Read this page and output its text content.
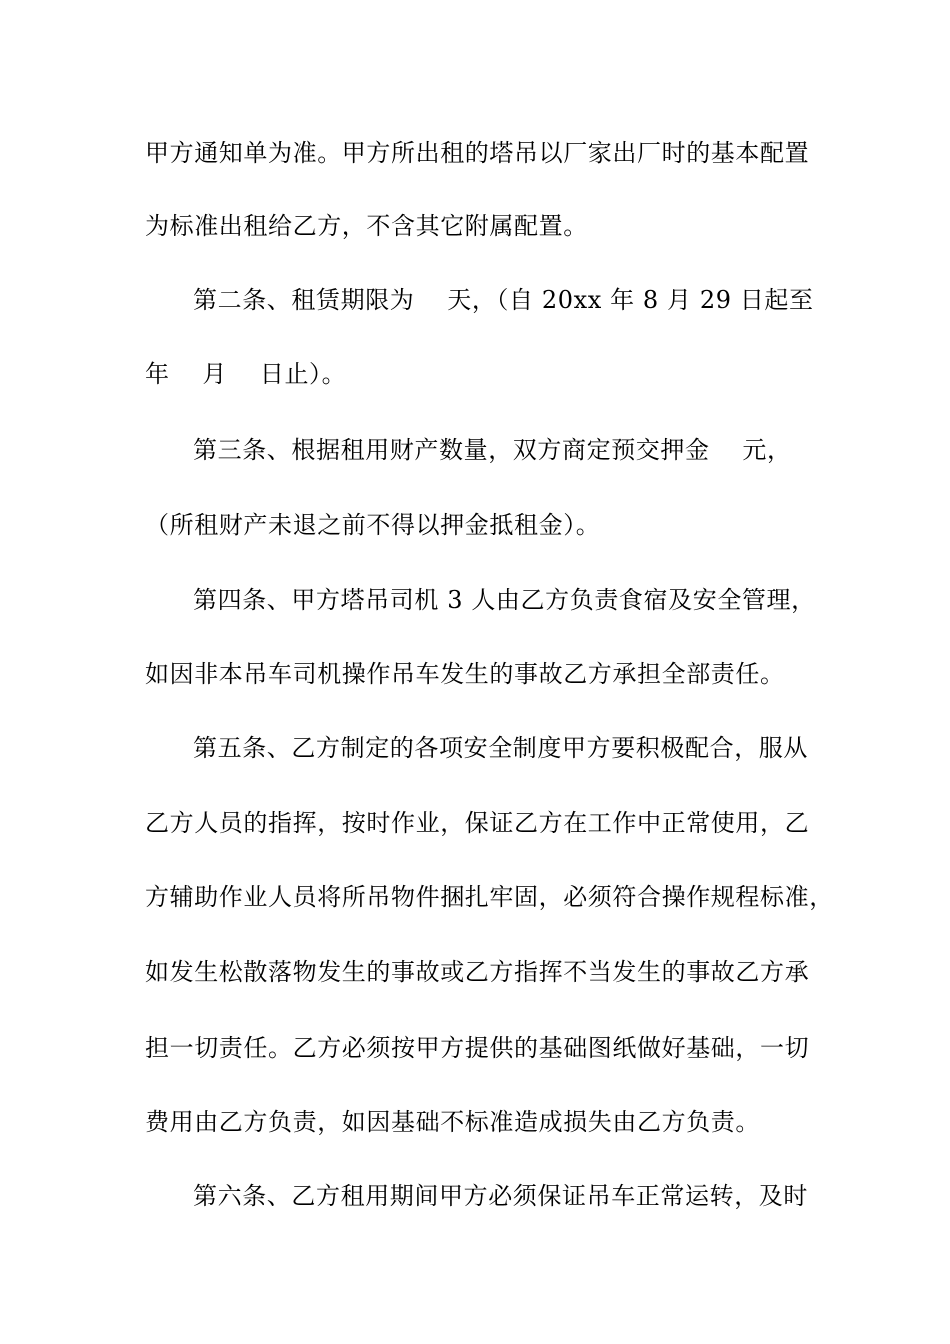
甲方通知单为准。甲方所出租的塔吊以厂家出厂时的基本配置
为标准出租给乙方，不含其它附属配置。
第二条、租赁期限为　 天，（自 20xx 年 8 月 29 日起至
年　 月　 日止）。
第三条、根据租用财产数量，双方商定预交押金　 元，
（所租财产未退之前不得以押金抵租金）。
第四条、甲方塔吊司机 3 人由乙方负责食宿及安全管理，
如因非本吊车司机操作吊车发生的事故乙方承担全部责任。
第五条、乙方制定的各项安全制度甲方要积极配合，服从
乙方人员的指挥，按时作业，保证乙方在工作中正常使用，乙
方辅助作业人员将所吊物件捆扎牢固，必须符合操作规程标准，
如发生松散落物发生的事故或乙方指挥不当发生的事故乙方承
担一切责任。乙方必须按甲方提供的基础图纸做好基础，一切
费用由乙方负责，如因基础不标准造成损失由乙方负责。
第六条、乙方租用期间甲方必须保证吊车正常运转，及时
